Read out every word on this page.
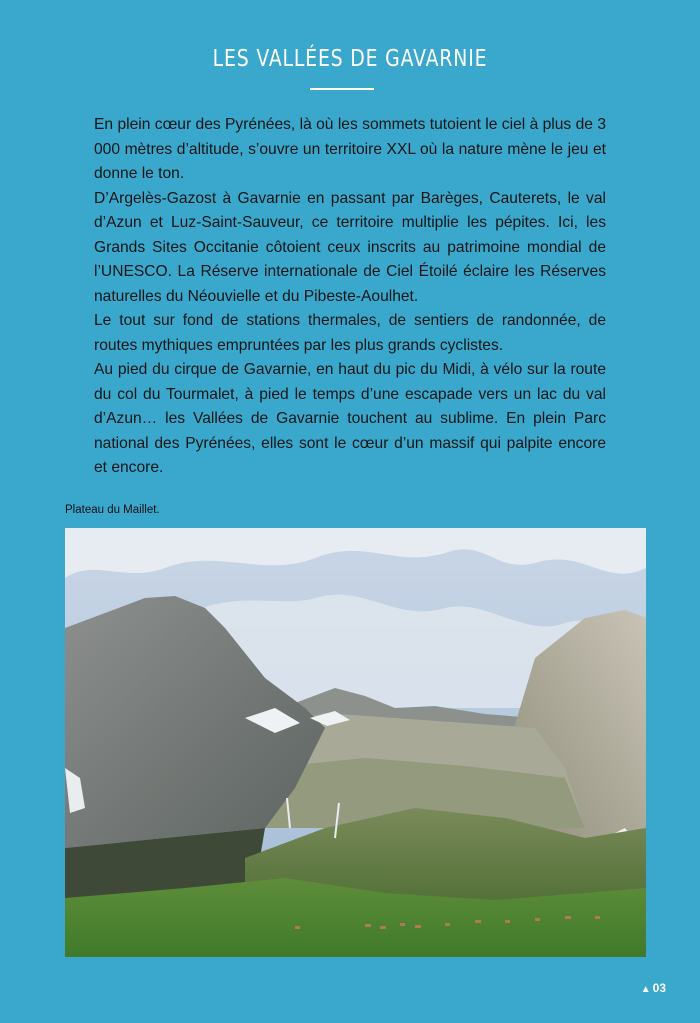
LES VALLÉES DE GAVARNIE

En plein cœur des Pyrénées, là où les sommets tutoient le ciel à plus de 3 000 mètres d’altitude, s’ouvre un territoire XXL où la nature mène le jeu et donne le ton.

D’Argelès-Gazost à Gavarnie en passant par Barèges, Cauterets, le val d’Azun et Luz-Saint-Sauveur, ce territoire multiplie les pépites. Ici, les Grands Sites Occitanie côtoient ceux inscrits au patrimoine mondial de l’UNESCO. La Réserve internationale de Ciel Étoilé éclaire les Réserves naturelles du Néouvielle et du Pibeste-Aoulhet.

Le tout sur fond de stations thermales, de sentiers de randonnée, de routes mythiques empruntées par les plus grands cyclistes.

Au pied du cirque de Gavarnie, en haut du pic du Midi, à vélo sur la route du col du Tourmalet, à pied le temps d’une escapade vers un lac du val d’Azun… les Vallées de Gavarnie touchent au sublime. En plein Parc national des Pyrénées, elles sont le cœur d’un massif qui palpite encore et encore.

Plateau du Maillet.
▲ 03
